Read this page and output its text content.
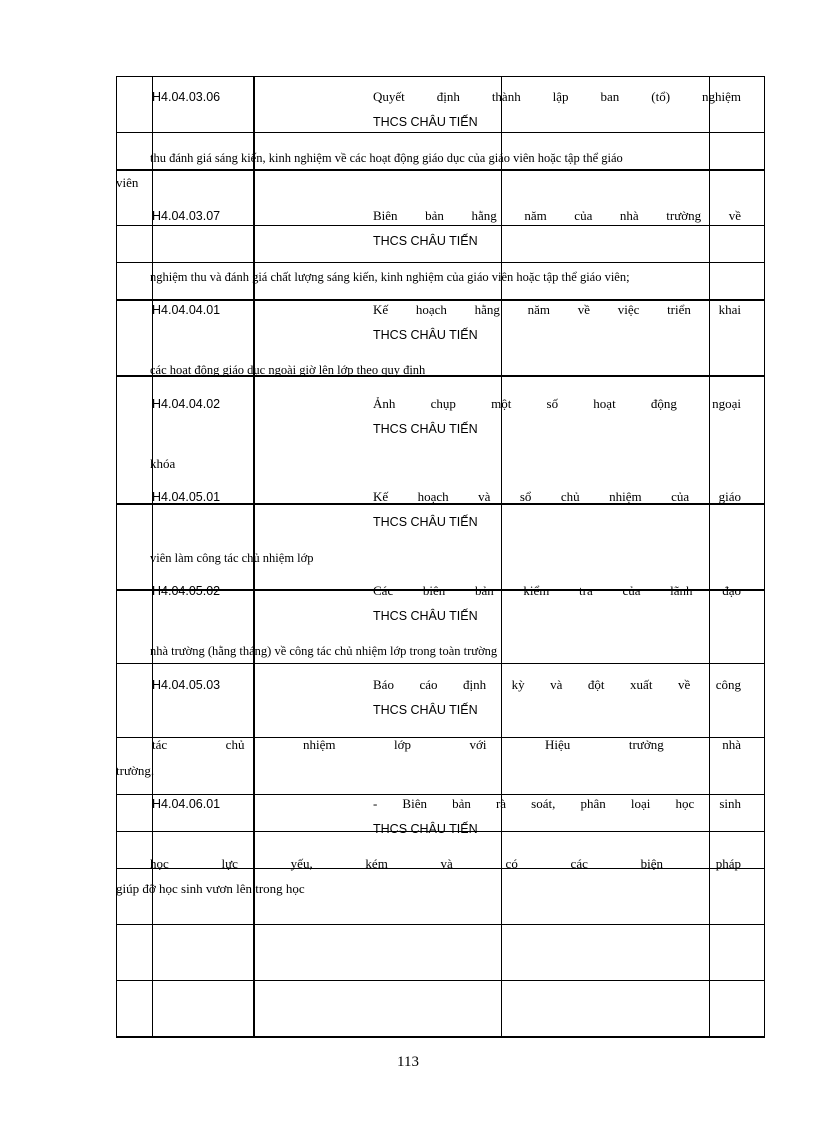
H4.04.03.06	Quyết định thành lập ban (tổ) nghiệm
THCS CHÂU TIẾN
thu đánh giá sáng kiến, kinh nghiệm về các hoạt động giáo dục của giáo viên hoặc tập thể giáo
viên
H4.04.03.07	Biên bản hằng năm của nhà trường về
THCS CHÂU TIẾN
nghiệm thu và đánh giá chất lượng sáng kiến, kinh nghiệm của giáo viên hoặc tập thể giáo viên;
H4.04.04.01	Kế hoạch hằng năm về việc triển khai
THCS CHÂU TIẾN
các hoạt động giáo dục ngoài giờ lên lớp theo quy định
H4.04.04.02	Ảnh chụp một số hoạt động ngoại
THCS CHÂU TIẾN
khóa
H4.04.05.01	Kế hoạch và sổ chủ nhiệm của giáo
THCS CHÂU TIẾN
viên làm công tác chủ nhiệm lớp
H4.04.05.02	Các biên bản kiểm tra của lãnh đạo
THCS CHÂU TIẾN
nhà trường (hằng tháng) về công tác chủ nhiệm lớp trong toàn trường
H4.04.05.03	Báo cáo định kỳ và đột xuất về công
THCS CHÂU TIẾN
tác chủ nhiệm lớp với Hiệu trưởng nhà
trường.
H4.04.06.01	- Biên bản rà soát, phân loại học sinh
THCS CHÂU TIẾN
học lực yếu, kém và có các biện pháp
giúp đỡ học sinh vươn lên trong học
113
